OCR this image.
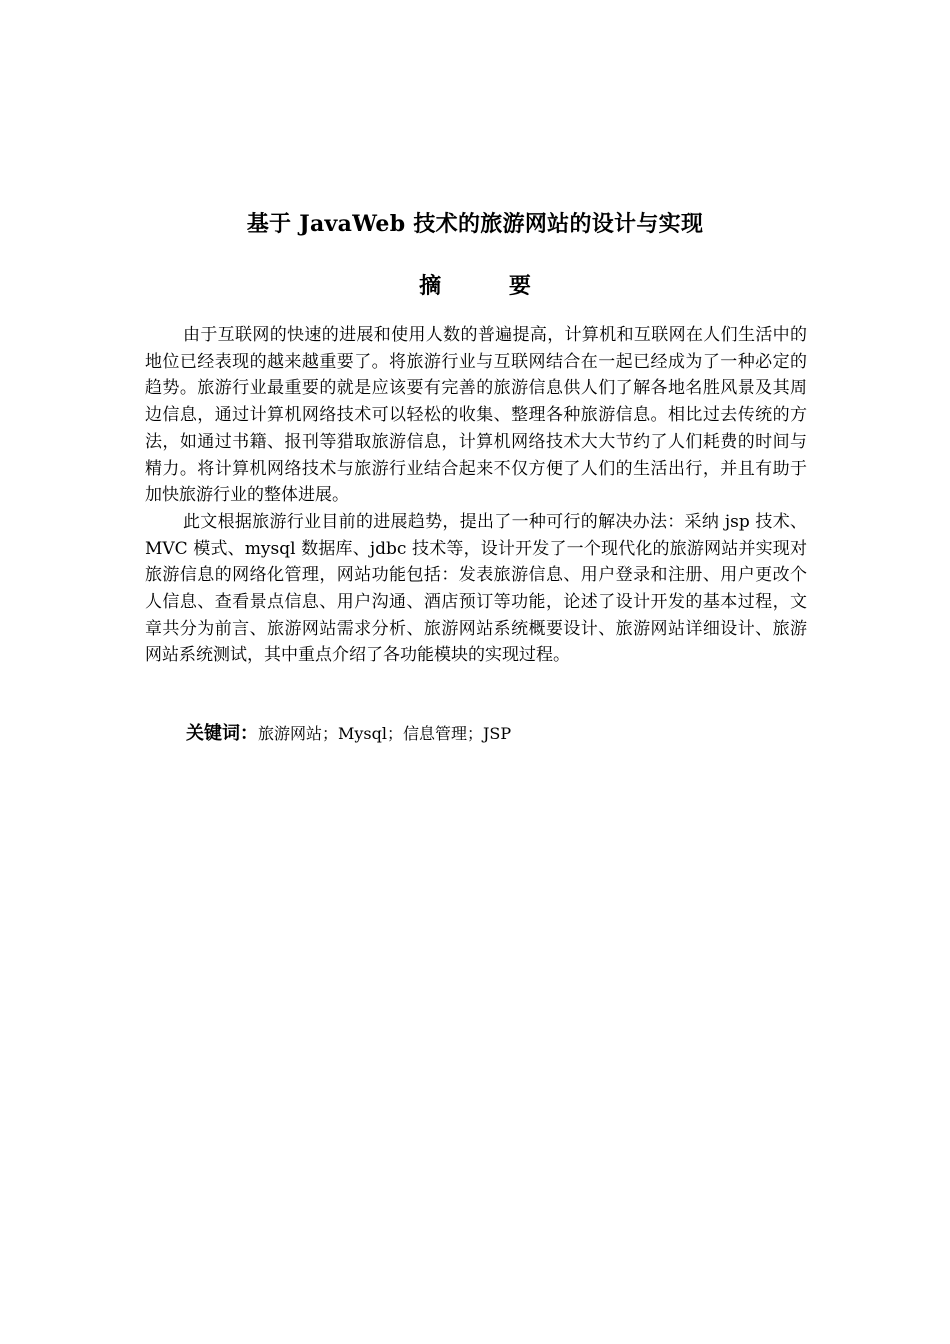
基于 JavaWeb 技术的旅游网站的设计与实现
摘 要

由于互联网的快速的进展和使用人数的普遍提高，计算机和互联网在人们生活中的地位已经表现的越来越重要了。将旅游行业与互联网结合在一起已经成为了一种必定的趋势。旅游行业最重要的就是应该要有完善的旅游信息供人们了解各地名胜风景及其周边信息，通过计算机网络技术可以轻松的收集、整理各种旅游信息。相比过去传统的方法，如通过书籍、报刊等猎取旅游信息，计算机网络技术大大节约了人们耗费的时间与精力。将计算机网络技术与旅游行业结合起来不仅方便了人们的生活出行，并且有助于加快旅游行业的整体进展。

此文根据旅游行业目前的进展趋势，提出了一种可行的解决办法：采纳 jsp 技术、MVC 模式、mysql 数据库、jdbc 技术等，设计开发了一个现代化的旅游网站并实现对旅游信息的网络化管理，网站功能包括：发表旅游信息、用户登录和注册、用户更改个人信息、查看景点信息、用户沟通、酒店预订等功能，论述了设计开发的基本过程，文章共分为前言、旅游网站需求分析、旅游网站系统概要设计、旅游网站详细设计、旅游网站系统测试，其中重点介绍了各功能模块的实现过程。

关键词：旅游网站；Mysql；信息管理；JSP
